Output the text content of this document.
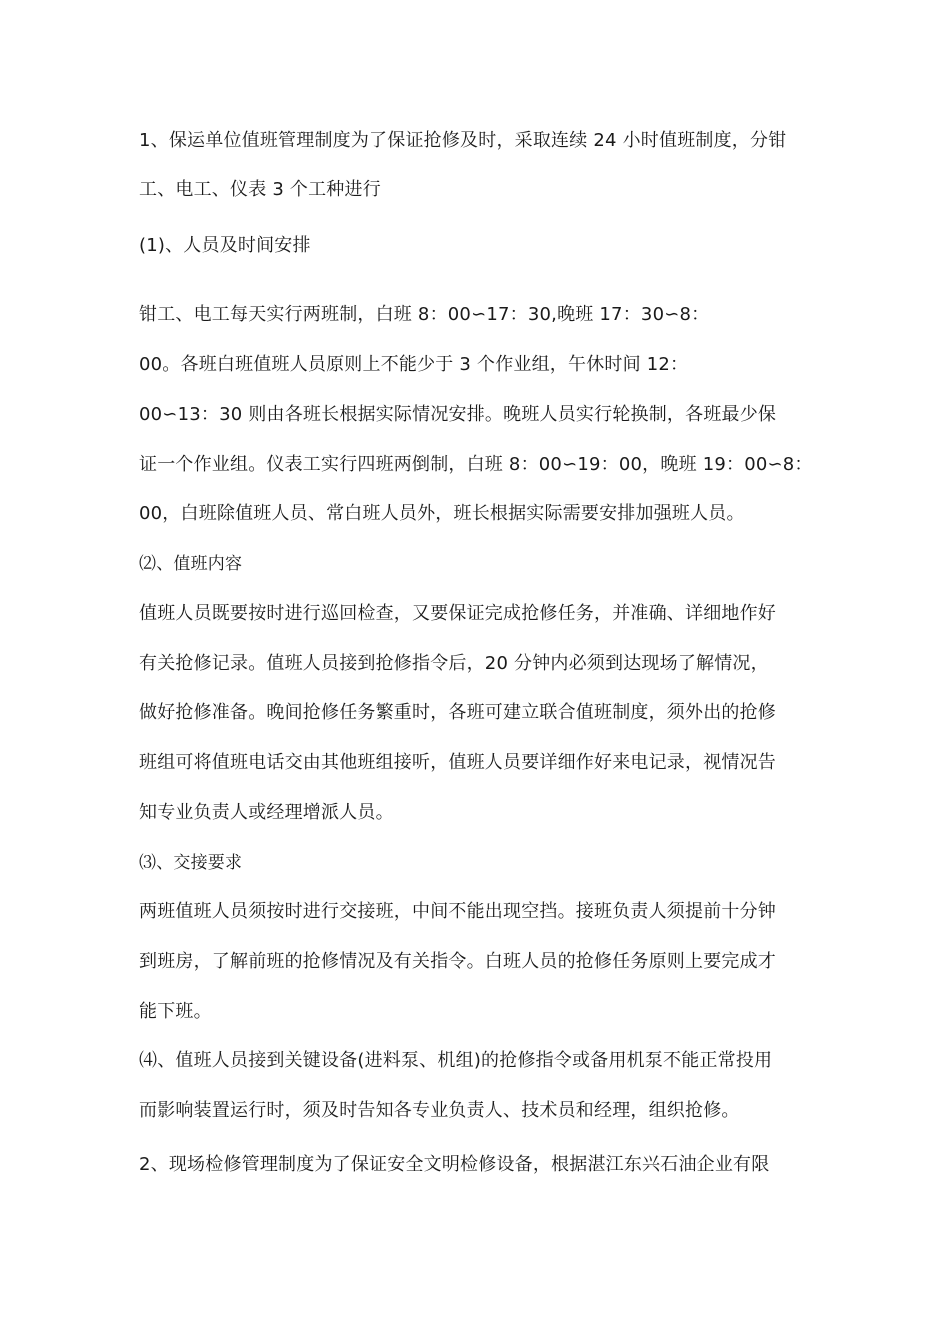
1、保运单位值班管理制度为了保证抢修及时，采取连续 24 小时值班制度，分钳
工、电工、仪表 3 个工种进行
(1)、人员及时间安排
钳工、电工每天实行两班制，白班 8：00∽17：30,晚班 17：30∽8：
00。各班白班值班人员原则上不能少于 3 个作业组，午休时间 12：
00∽13：30 则由各班长根据实际情况安排。晚班人员实行轮换制，各班最少保
证一个作业组。仪表工实行四班两倒制，白班 8：00∽19：00，晚班 19：00∽8：
00，白班除值班人员、常白班人员外，班长根据实际需要安排加强班人员。
⑵、值班内容
值班人员既要按时进行巡回检查，又要保证完成抢修任务，并准确、详细地作好
有关抢修记录。值班人员接到抢修指令后，20 分钟内必须到达现场了解情况，
做好抢修准备。晚间抢修任务繁重时，各班可建立联合值班制度，须外出的抢修
班组可将值班电话交由其他班组接听，值班人员要详细作好来电记录，视情况告
知专业负责人或经理增派人员。
⑶、交接要求
两班值班人员须按时进行交接班，中间不能出现空挡。接班负责人须提前十分钟
到班房，了解前班的抢修情况及有关指令。白班人员的抢修任务原则上要完成才
能下班。
⑷、值班人员接到关键设备(进料泵、机组)的抢修指令或备用机泵不能正常投用
而影响装置运行时，须及时告知各专业负责人、技术员和经理，组织抢修。
2、现场检修管理制度为了保证安全文明检修设备，根据湛江东兴石油企业有限
